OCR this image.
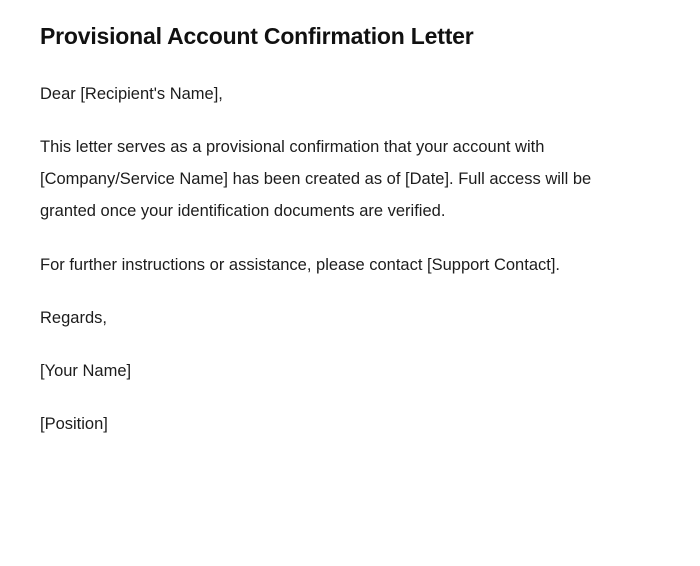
Provisional Account Confirmation Letter

Dear [Recipient's Name],

This letter serves as a provisional confirmation that your account with [Company/Service Name] has been created as of [Date]. Full access will be granted once your identification documents are verified.

For further instructions or assistance, please contact [Support Contact].

Regards,

[Your Name]

[Position]
